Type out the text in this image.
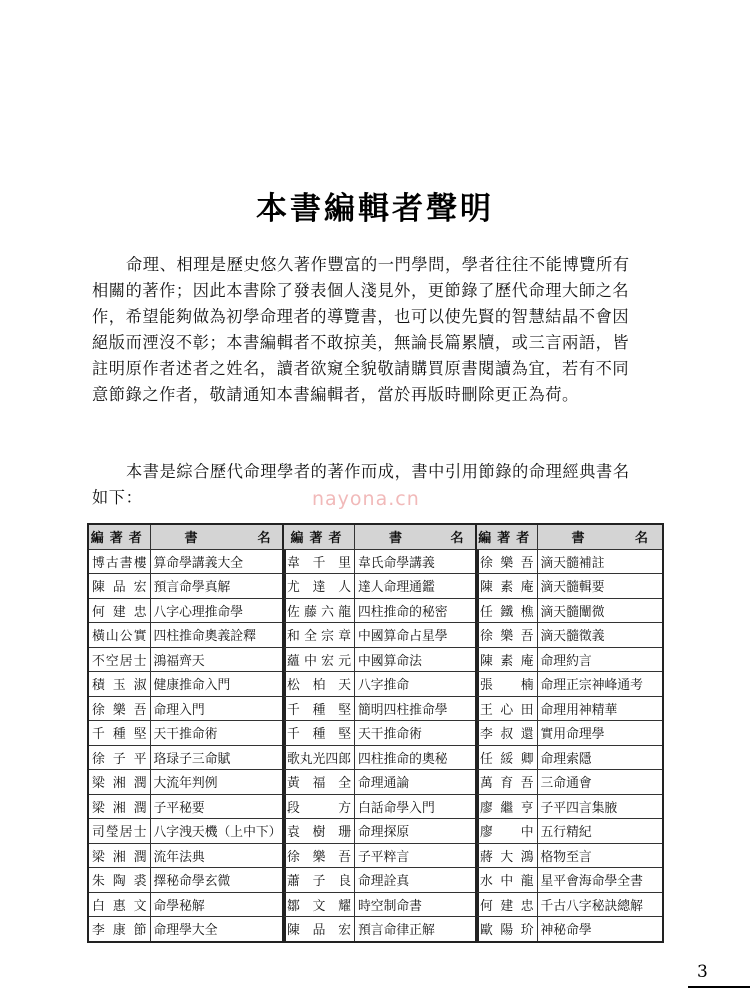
本書編輯者聲明
命理、相理是歷史悠久著作豐富的一門學問，學者往往不能博覽所有
相關的著作；因此本書除了發表個人淺見外，更節錄了歷代命理大師之名
作，希望能夠做為初學命理者的導覽書，也可以使先賢的智慧結晶不會因
絕版而湮沒不彰；本書編輯者不敢掠美，無論長篇累牘，或三言兩語，皆
註明原作者述者之姓名，讀者欲窺全貌敬請購買原書閱讀為宜，若有不同
意節錄之作者，敬請通知本書編輯者，當於再版時刪除更正為荷。
本書是綜合歷代命理學者的著作而成，書中引用節錄的命理經典書名
如下：	nayona.cn
編著者	書名
博古書樓	算命學講義大全
陳品宏	預言命學真解
何建忠	八字心理推命學
橫山公實	四柱推命奧義詮釋
不空居士	鴻福齊天
積玉淑	健康推命入門
徐樂吾	命理入門
千種堅	天干推命術
徐子平	珞琭子三命賦
梁湘潤	大流年判例
梁湘潤	子平秘要
司瑩居士	八字洩天機（上中下）
梁湘潤	流年法典
朱陶裘	擇秘命學玄微
白惠文	命學秘解
李康節	命理學大全
編著者	書名
韋千里	韋氏命學講義
尤達人	達人命理通鑑
佐藤六龍	四柱推命的秘密
和全宗章	中國算命占星學
蘊中宏元	中國算命法
松柏天	八字推命
千種堅	簡明四柱推命學
千種堅	天干推命術
歌丸光四郎	四柱推命的奧秘
黃福全	命理通論
段方	白話命學入門
袁樹珊	命理探原
徐樂吾	子平粹言
蕭子良	命理詮真
鄒文耀	時空制命書
陳品宏	預言命律正解
編著者	書名
徐樂吾	滴天髓補註
陳素庵	滴天髓輯要
任鐵樵	滴天髓闡微
徐樂吾	滴天髓徵義
陳素庵	命理約言
張楠	命理正宗神峰通考
王心田	命理用神精華
李叔還	實用命理學
任綏卿	命理索隱
萬育吾	三命通會
廖繼亨	子平四言集腋
廖中	五行精紀
蔣大鴻	格物至言
水中龍	星平會海命學全書
何建忠	千古八字秘訣總解
歐陽玠	神秘命學
3
